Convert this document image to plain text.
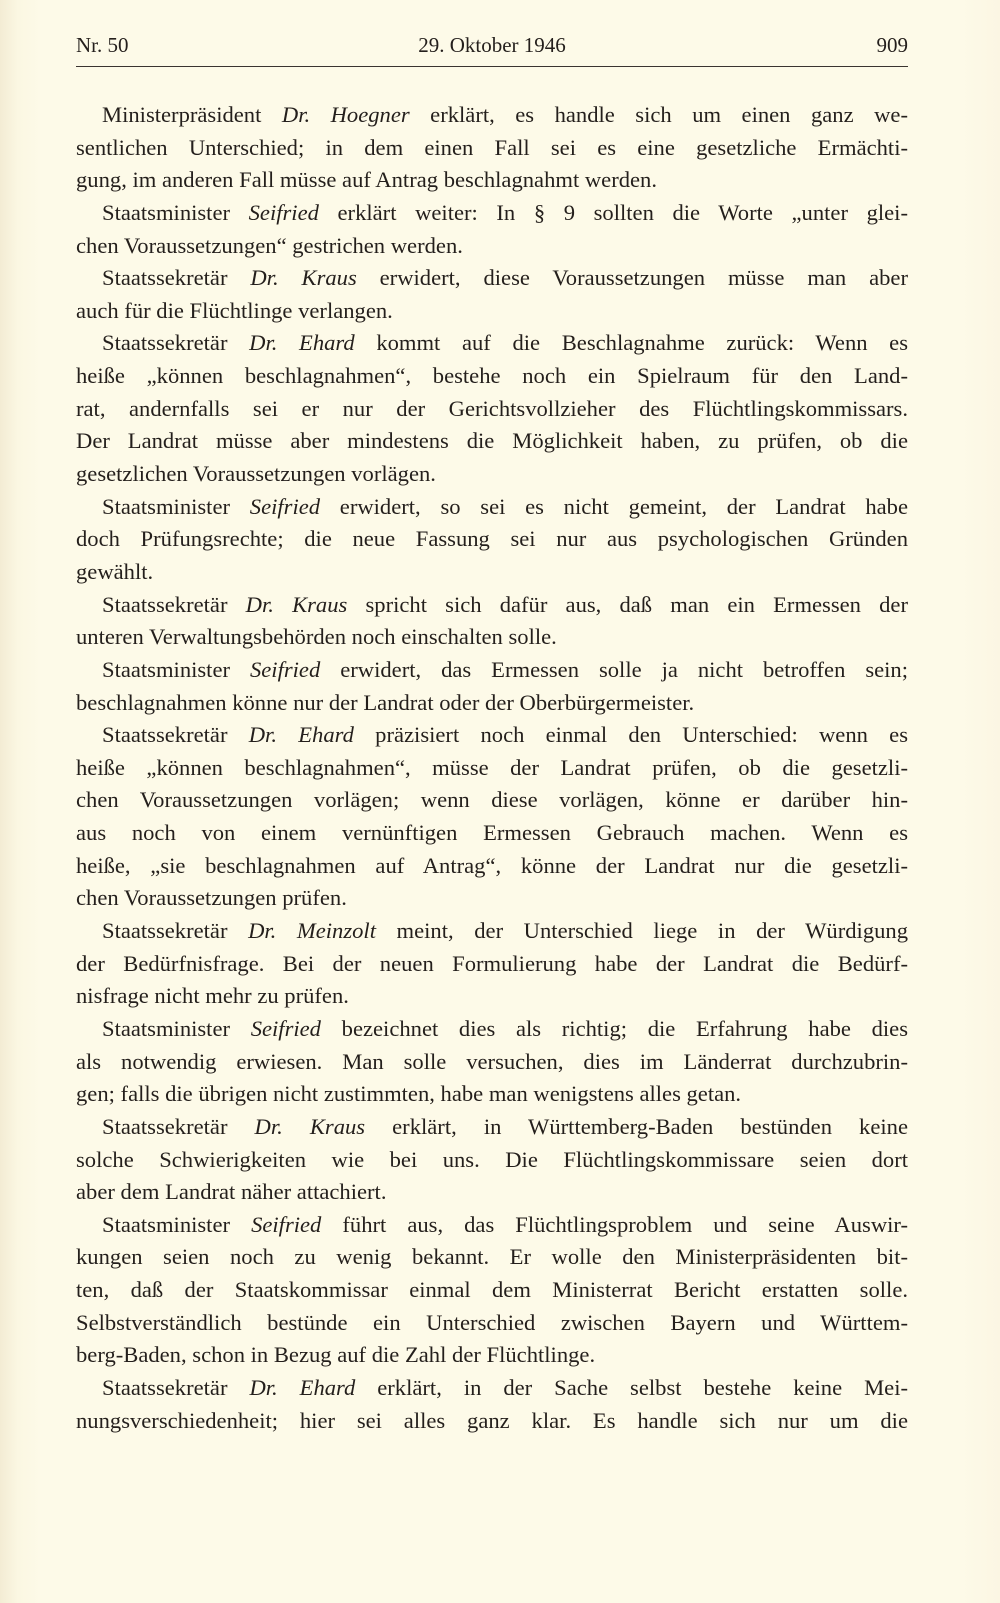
Nr. 50	29. Oktober 1946	909
Ministerpräsident Dr. Hoegner erklärt, es handle sich um einen ganz we-
sentlichen Unterschied; in dem einen Fall sei es eine gesetzliche Ermächti-
gung, im anderen Fall müsse auf Antrag beschlagnahmt werden.
Staatsminister Seifried erklärt weiter: In § 9 sollten die Worte „unter glei-
chen Voraussetzungen“ gestrichen werden.
Staatssekretär Dr. Kraus erwidert, diese Voraussetzungen müsse man aber
auch für die Flüchtlinge verlangen.
Staatssekretär Dr. Ehard kommt auf die Beschlagnahme zurück: Wenn es
heiße „können beschlagnahmen“, bestehe noch ein Spielraum für den Land-
rat, andernfalls sei er nur der Gerichtsvollzieher des Flüchtlingskommissars.
Der Landrat müsse aber mindestens die Möglichkeit haben, zu prüfen, ob die
gesetzlichen Voraussetzungen vorlägen.
Staatsminister Seifried erwidert, so sei es nicht gemeint, der Landrat habe
doch Prüfungsrechte; die neue Fassung sei nur aus psychologischen Gründen
gewählt.
Staatssekretär Dr. Kraus spricht sich dafür aus, daß man ein Ermessen der
unteren Verwaltungsbehörden noch einschalten solle.
Staatsminister Seifried erwidert, das Ermessen solle ja nicht betroffen sein;
beschlagnahmen könne nur der Landrat oder der Oberbürgermeister.
Staatssekretär Dr. Ehard präzisiert noch einmal den Unterschied: wenn es
heiße „können beschlagnahmen“, müsse der Landrat prüfen, ob die gesetzli-
chen Voraussetzungen vorlägen; wenn diese vorlägen, könne er darüber hin-
aus noch von einem vernünftigen Ermessen Gebrauch machen. Wenn es
heiße, „sie beschlagnahmen auf Antrag“, könne der Landrat nur die gesetzli-
chen Voraussetzungen prüfen.
Staatssekretär Dr. Meinzolt meint, der Unterschied liege in der Würdigung
der Bedürfnisfrage. Bei der neuen Formulierung habe der Landrat die Bedürf-
nisfrage nicht mehr zu prüfen.
Staatsminister Seifried bezeichnet dies als richtig; die Erfahrung habe dies
als notwendig erwiesen. Man solle versuchen, dies im Länderrat durchzubrin-
gen; falls die übrigen nicht zustimmten, habe man wenigstens alles getan.
Staatssekretär Dr. Kraus erklärt, in Württemberg-Baden bestünden keine
solche Schwierigkeiten wie bei uns. Die Flüchtlingskommissare seien dort
aber dem Landrat näher attachiert.
Staatsminister Seifried führt aus, das Flüchtlingsproblem und seine Auswir-
kungen seien noch zu wenig bekannt. Er wolle den Ministerpräsidenten bit-
ten, daß der Staatskommissar einmal dem Ministerrat Bericht erstatten solle.
Selbstverständlich bestünde ein Unterschied zwischen Bayern und Württem-
berg-Baden, schon in Bezug auf die Zahl der Flüchtlinge.
Staatssekretär Dr. Ehard erklärt, in der Sache selbst bestehe keine Mei-
nungsverschiedenheit; hier sei alles ganz klar. Es handle sich nur um die
